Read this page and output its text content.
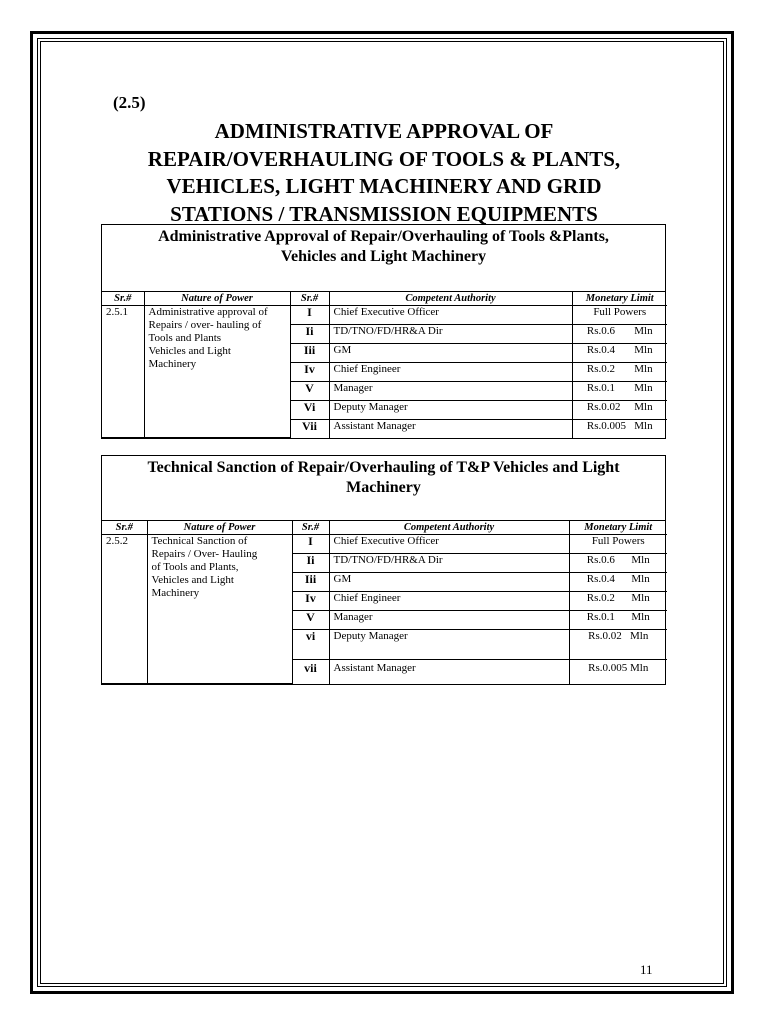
(2.5)
ADMINISTRATIVE APPROVAL OF
REPAIR/OVERHAULING OF TOOLS & PLANTS,
VEHICLES, LIGHT MACHINERY AND GRID
STATIONS / TRANSMISSION EQUIPMENTS
Administrative Approval of Repair/Overhauling of Tools &Plants,
Vehicles and Light Machinery
Sr.#	Nature of Power	Sr.#	Competent Authority	Monetary Limit
2.5.1	Administrative approval of
Repairs / over- hauling of
Tools and Plants
Vehicles and Light
Machinery	I	Chief Executive Officer	Full Powers
		Ii	TD/TNO/FD/HR&A Dir	Rs.0.6       Mln
		Iii	GM	Rs.0.4       Mln
		Iv	Chief Engineer	Rs.0.2       Mln
		V	Manager	Rs.0.1       Mln
		Vi	Deputy Manager	Rs.0.02     Mln
		Vii	Assistant Manager	Rs.0.005   Mln
Technical Sanction of Repair/Overhauling of T&P Vehicles and Light
Machinery
Sr.#	Nature of Power	Sr.#	Competent Authority	Monetary Limit
2.5.2	Technical Sanction of
Repairs / Over- Hauling
of Tools and Plants,
Vehicles and Light
Machinery	I	Chief Executive Officer	Full Powers
		Ii	TD/TNO/FD/HR&A Dir	Rs.0.6      Mln
		Iii	GM	Rs.0.4      Mln
		Iv	Chief Engineer	Rs.0.2      Mln
		V	Manager	Rs.0.1      Mln
		vi	Deputy Manager	Rs.0.02   Mln
		vii	Assistant Manager	Rs.0.005 Mln
11
